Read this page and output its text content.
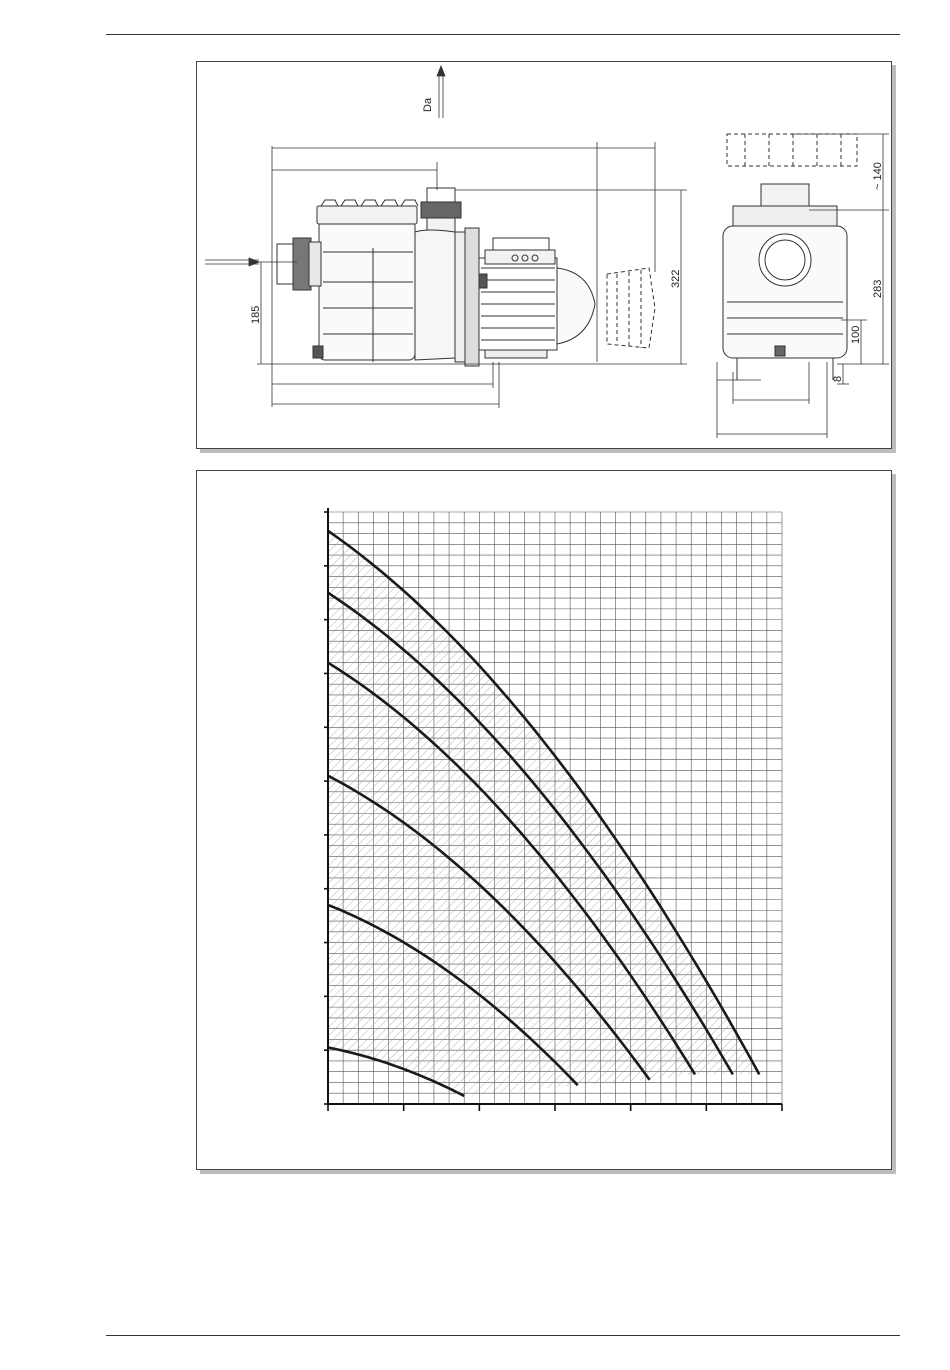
Da
185
322
~ 140
283
100
8
